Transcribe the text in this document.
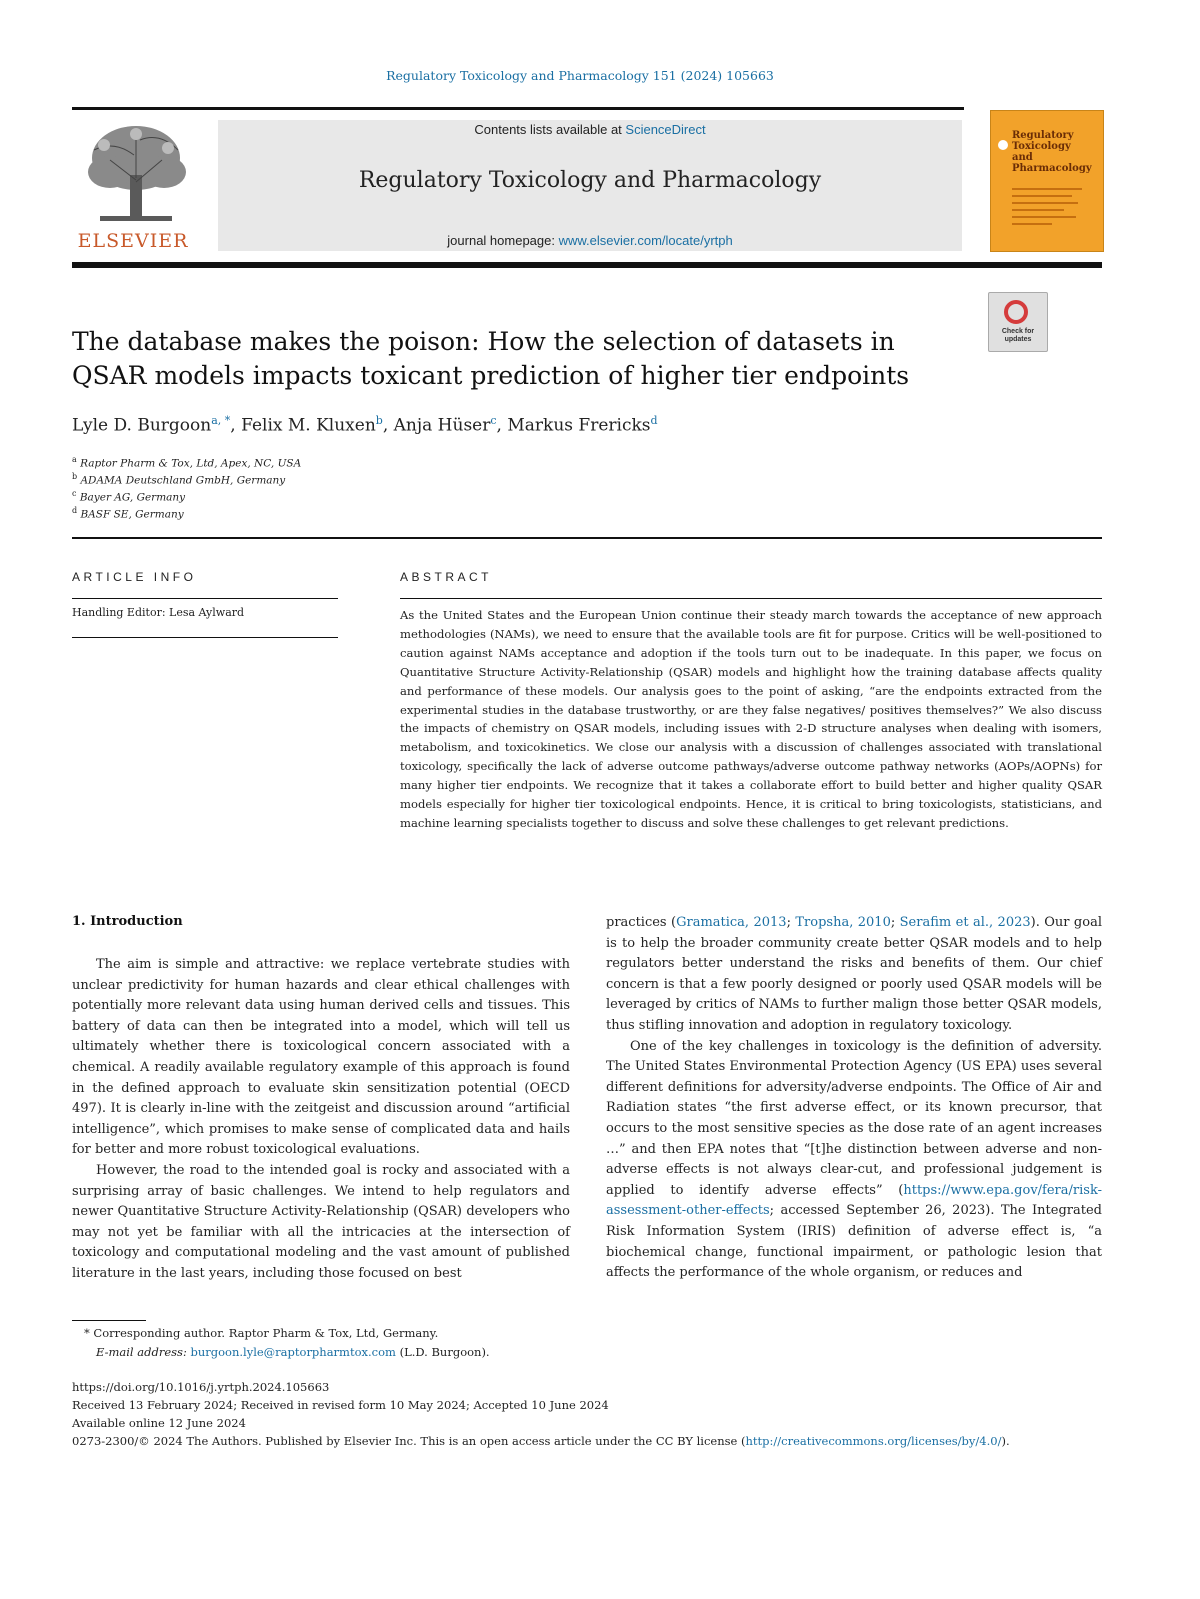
Regulatory Toxicology and Pharmacology 151 (2024) 105663
ELSEVIER
Contents lists available at ScienceDirect
Regulatory Toxicology and Pharmacology
journal homepage: www.elsevier.com/locate/yrtph
Regulatory Toxicology and Pharmacology
Check for updates
The database makes the poison: How the selection of datasets in QSAR models impacts toxicant prediction of higher tier endpoints
Lyle D. Burgoon$^{a, *}$, Felix M. Kluxen$^b$, Anja Hüser$^c$, Markus Frericks$^d$
$^a$ Raptor Pharm & Tox, Ltd, Apex, NC, USA
$^b$ ADAMA Deutschland GmbH, Germany
$^c$ Bayer AG, Germany
$^d$ BASF SE, Germany
ARTICLE INFO
Handling Editor: Lesa Aylward
ABSTRACT
As the United States and the European Union continue their steady march towards the acceptance of new approach methodologies (NAMs), we need to ensure that the available tools are fit for purpose. Critics will be well-positioned to caution against NAMs acceptance and adoption if the tools turn out to be inadequate. In this paper, we focus on Quantitative Structure Activity-Relationship (QSAR) models and highlight how the training database affects quality and performance of these models. Our analysis goes to the point of asking, “are the endpoints extracted from the experimental studies in the database trustworthy, or are they false negatives/ positives themselves?” We also discuss the impacts of chemistry on QSAR models, including issues with 2-D structure analyses when dealing with isomers, metabolism, and toxicokinetics. We close our analysis with a discussion of challenges associated with translational toxicology, specifically the lack of adverse outcome pathways/adverse outcome pathway networks (AOPs/AOPNs) for many higher tier endpoints. We recognize that it takes a collaborate effort to build better and higher quality QSAR models especially for higher tier toxicological endpoints. Hence, it is critical to bring toxicologists, statisticians, and machine learning specialists together to discuss and solve these challenges to get relevant predictions.
1. Introduction

The aim is simple and attractive: we replace vertebrate studies with unclear predictivity for human hazards and clear ethical challenges with potentially more relevant data using human derived cells and tissues. This battery of data can then be integrated into a model, which will tell us ultimately whether there is toxicological concern associated with a chemical. A readily available regulatory example of this approach is found in the defined approach to evaluate skin sensitization potential (OECD 497). It is clearly in-line with the zeitgeist and discussion around “artificial intelligence”, which promises to make sense of complicated data and hails for better and more robust toxicological evaluations.

However, the road to the intended goal is rocky and associated with a surprising array of basic challenges. We intend to help regulators and newer Quantitative Structure Activity-Relationship (QSAR) developers who may not yet be familiar with all the intricacies at the intersection of toxicology and computational modeling and the vast amount of published literature in the last years, including those focused on best

practices (Gramatica, 2013; Tropsha, 2010; Serafim et al., 2023). Our goal is to help the broader community create better QSAR models and to help regulators better understand the risks and benefits of them. Our chief concern is that a few poorly designed or poorly used QSAR models will be leveraged by critics of NAMs to further malign those better QSAR models, thus stifling innovation and adoption in regulatory toxicology.

One of the key challenges in toxicology is the definition of adversity. The United States Environmental Protection Agency (US EPA) uses several different definitions for adversity/adverse endpoints. The Office of Air and Radiation states “the first adverse effect, or its known precursor, that occurs to the most sensitive species as the dose rate of an agent increases …” and then EPA notes that “[t]he distinction between adverse and non-adverse effects is not always clear-cut, and professional judgement is applied to identify adverse effects” (https://www.epa.gov/fera/risk-assessment-other-effects; accessed September 26, 2023). The Integrated Risk Information System (IRIS) definition of adverse effect is, “a biochemical change, functional impairment, or pathologic lesion that affects the performance of the whole organism, or reduces and

* Corresponding author. Raptor Pharm & Tox, Ltd, Germany.
E-mail address: burgoon.lyle@raptorpharmtox.com (L.D. Burgoon).
https://doi.org/10.1016/j.yrtph.2024.105663
Received 13 February 2024; Received in revised form 10 May 2024; Accepted 10 June 2024
Available online 12 June 2024
0273-2300/© 2024 The Authors. Published by Elsevier Inc. This is an open access article under the CC BY license (http://creativecommons.org/licenses/by/4.0/).
